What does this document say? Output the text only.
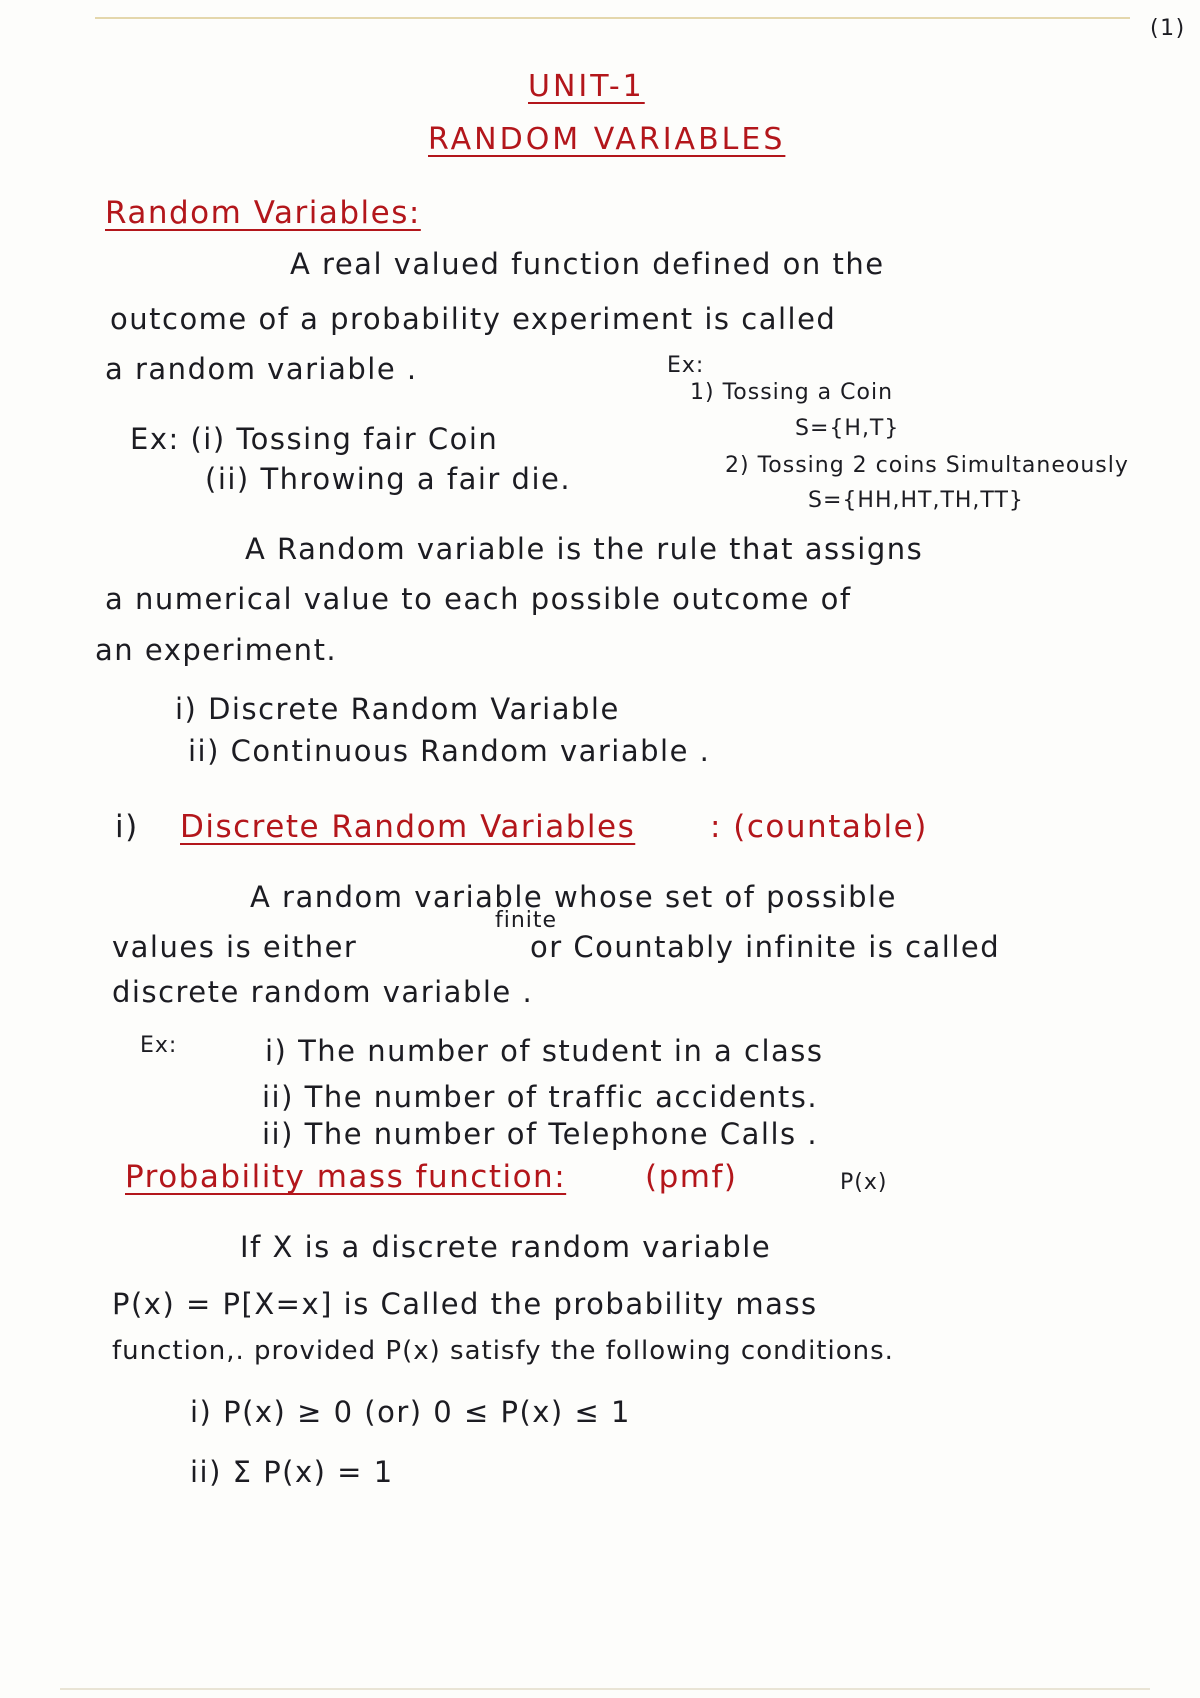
(1)
UNIT-1
RANDOM VARIABLES
Random Variables:
A real valued function defined on the
outcome of a probability experiment is called
a random variable .	Ex:
1) Tossing a Coin
S={H,T}
2) Tossing 2 coins Simultaneously
S={HH,HT,TH,TT}
Ex: (i) Tossing fair Coin
(ii) Throwing a fair die.
A Random variable is the rule that assigns
a numerical value to each possible outcome of
an experiment.
i) Discrete Random Variable
ii) Continuous Random variable .
i) Discrete Random Variables : (countable)
A random variable whose set of possible
values is either
finite
or Countably infinite is called
discrete random variable .
Ex:	i) The number of student in a class
ii) The number of traffic accidents.
ii) The number of Telephone Calls .
Probability mass function:	(pmf)	P(x)
If X is a discrete random variable
P(x) = P[X=x] is Called the probability mass
function,. provided P(x) satisfy the following conditions.
i) P(x) ≥ 0 (or) 0 ≤ P(x) ≤ 1
ii) Σ P(x) = 1
